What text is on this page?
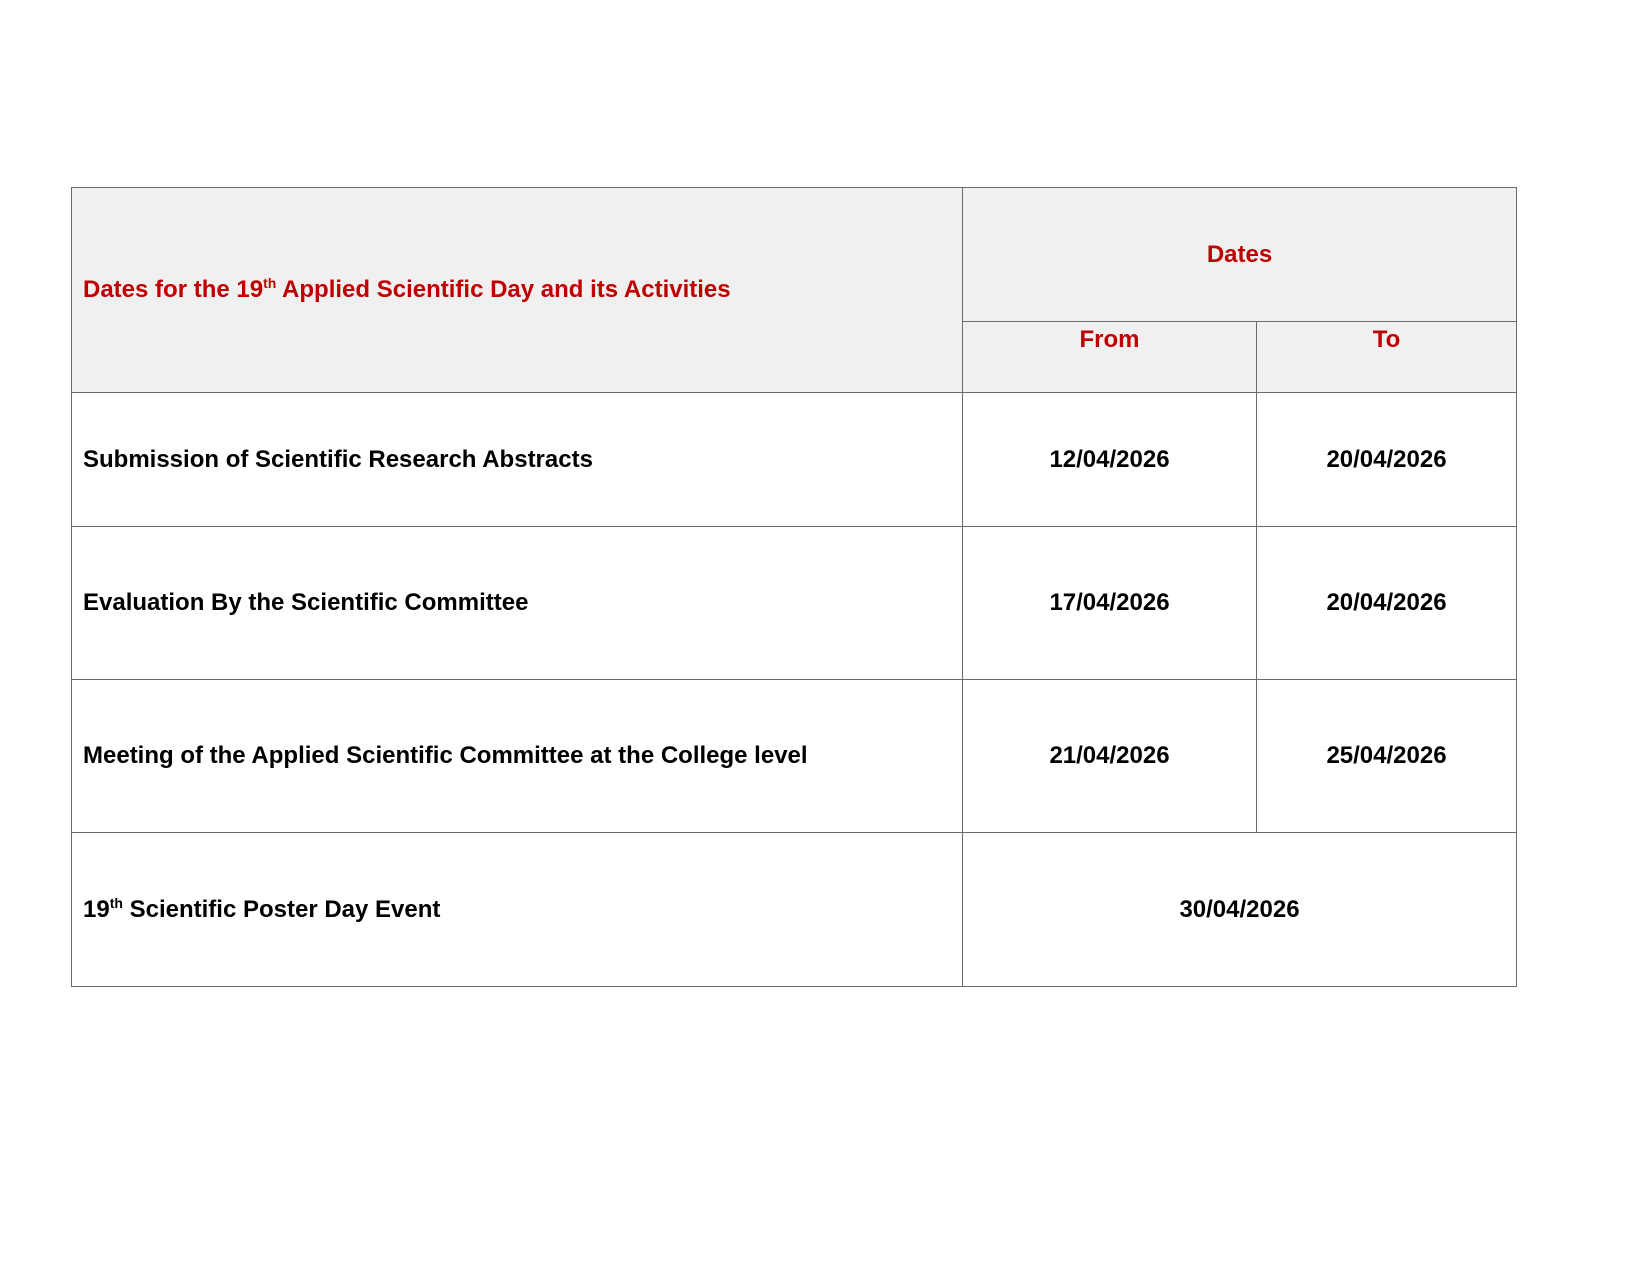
Dates for the 19th Applied Scientific Day and its Activities	Dates	
	From	To
Submission of Scientific Research Abstracts	12/04/2026	20/04/2026
Evaluation By the Scientific Committee	17/04/2026	20/04/2026
Meeting of the Applied Scientific Committee at the College level	21/04/2026	25/04/2026
19th Scientific Poster Day Event	30/04/2026	
